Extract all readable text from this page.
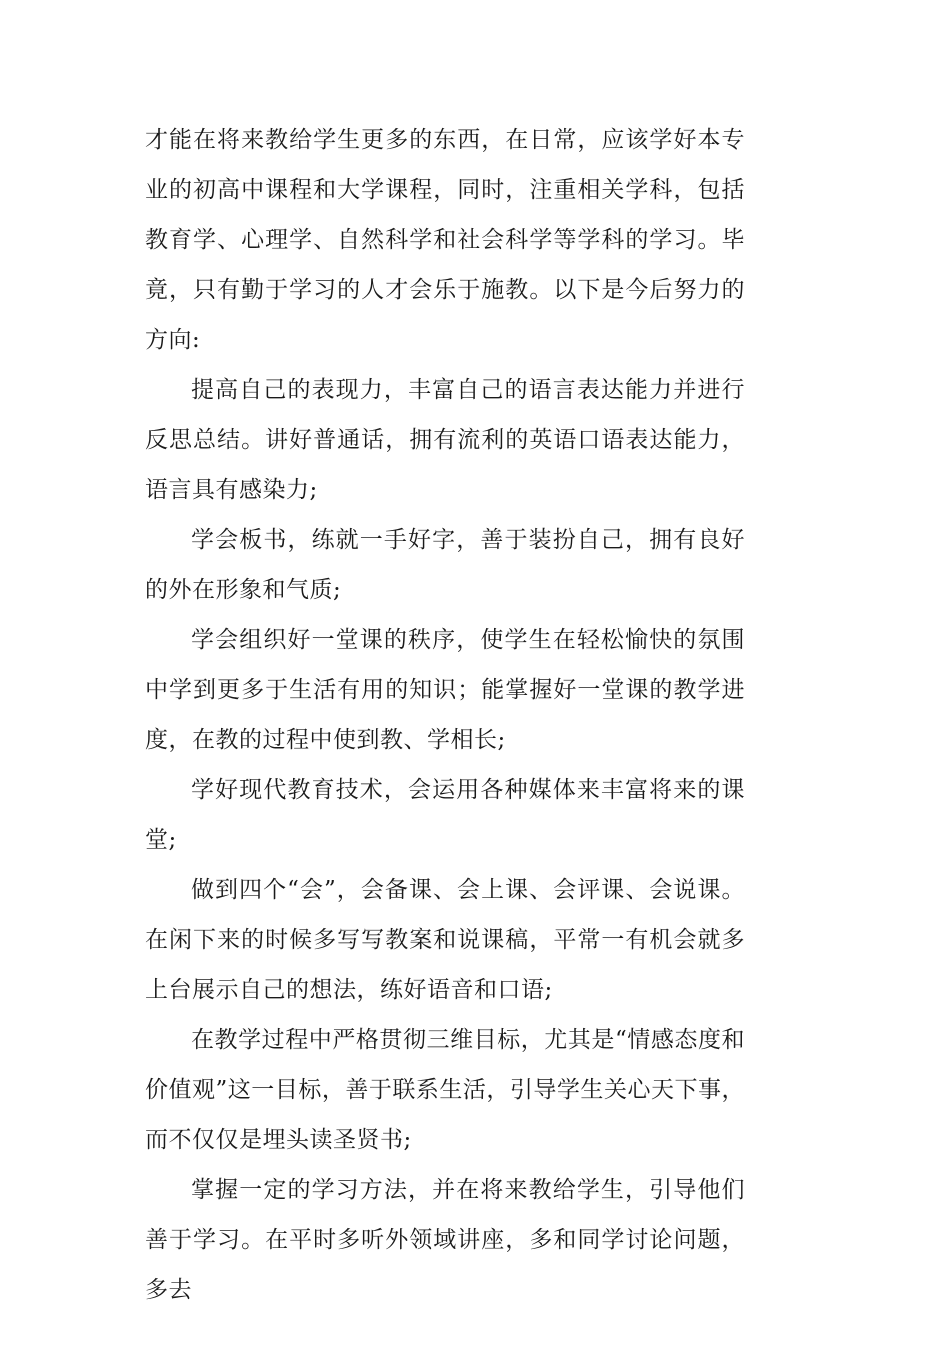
才能在将来教给学生更多的东西，在日常，应该学好本专业的初高中课程和大学课程，同时，注重相关学科，包括教育学、心理学、自然科学和社会科学等学科的学习。毕竟，只有勤于学习的人才会乐于施教。以下是今后努力的方向:

提高自己的表现力，丰富自己的语言表达能力并进行反思总结。讲好普通话，拥有流利的英语口语表达能力，语言具有感染力;

学会板书，练就一手好字，善于装扮自己，拥有良好的外在形象和气质;

学会组织好一堂课的秩序，使学生在轻松愉快的氛围中学到更多于生活有用的知识；能掌握好一堂课的教学进度，在教的过程中使到教、学相长;

学好现代教育技术，会运用各种媒体来丰富将来的课堂;

做到四个“会”，会备课、会上课、会评课、会说课。在闲下来的时候多写写教案和说课稿，平常一有机会就多上台展示自己的想法，练好语音和口语;

在教学过程中严格贯彻三维目标，尤其是“情感态度和价值观”这一目标，善于联系生活，引导学生关心天下事，而不仅仅是埋头读圣贤书;

掌握一定的学习方法，并在将来教给学生，引导他们善于学习。在平时多听外领域讲座，多和同学讨论问题，多去
